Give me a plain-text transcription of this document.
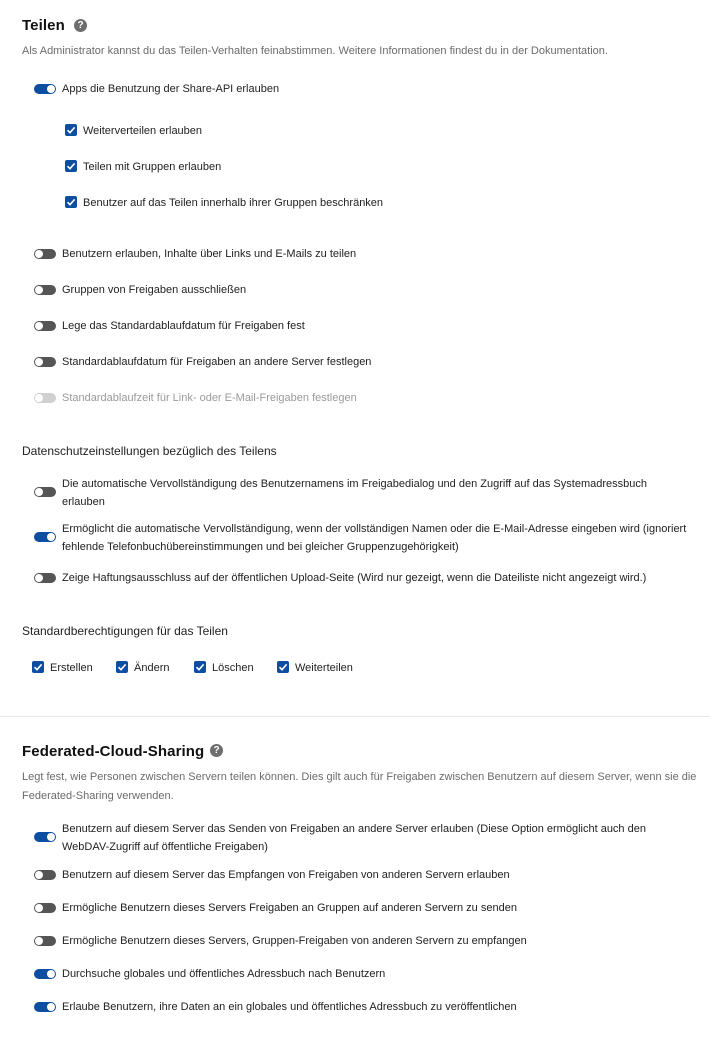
Teilen	?
Als Administrator kannst du das Teilen-Verhalten feinabstimmen. Weitere Informationen findest du in der Dokumentation.
Apps die Benutzung der Share-API erlauben
Weiterverteilen erlauben
Teilen mit Gruppen erlauben
Benutzer auf das Teilen innerhalb ihrer Gruppen beschränken
Benutzern erlauben, Inhalte über Links und E-Mails zu teilen
Gruppen von Freigaben ausschließen
Lege das Standardablaufdatum für Freigaben fest
Standardablaufdatum für Freigaben an andere Server festlegen
Standardablaufzeit für Link- oder E-Mail-Freigaben festlegen
Datenschutzeinstellungen bezüglich des Teilens
Die automatische Vervollständigung des Benutzernamens im Freigabedialog und den Zugriff auf das Systemadressbuch erlauben
Ermöglicht die automatische Vervollständigung, wenn der vollständigen Namen oder die E-Mail-Adresse eingeben wird (ignoriert fehlende Telefonbuchübereinstimmungen und bei gleicher Gruppenzugehörigkeit)
Zeige Haftungsausschluss auf der öffentlichen Upload-Seite (Wird nur gezeigt, wenn die Dateiliste nicht angezeigt wird.)
Standardberechtigungen für das Teilen
Erstellen	Ändern	Löschen	Weiterteilen
Federated-Cloud-Sharing ?
Legt fest, wie Personen zwischen Servern teilen können. Dies gilt auch für Freigaben zwischen Benutzern auf diesem Server, wenn sie die Federated-Sharing verwenden.
Benutzern auf diesem Server das Senden von Freigaben an andere Server erlauben (Diese Option ermöglicht auch den WebDAV-Zugriff auf öffentliche Freigaben)
Benutzern auf diesem Server das Empfangen von Freigaben von anderen Servern erlauben
Ermögliche Benutzern dieses Servers Freigaben an Gruppen auf anderen Servern zu senden
Ermögliche Benutzern dieses Servers, Gruppen-Freigaben von anderen Servern zu empfangen
Durchsuche globales und öffentliches Adressbuch nach Benutzern
Erlaube Benutzern, ihre Daten an ein globales und öffentliches Adressbuch zu veröffentlichen
